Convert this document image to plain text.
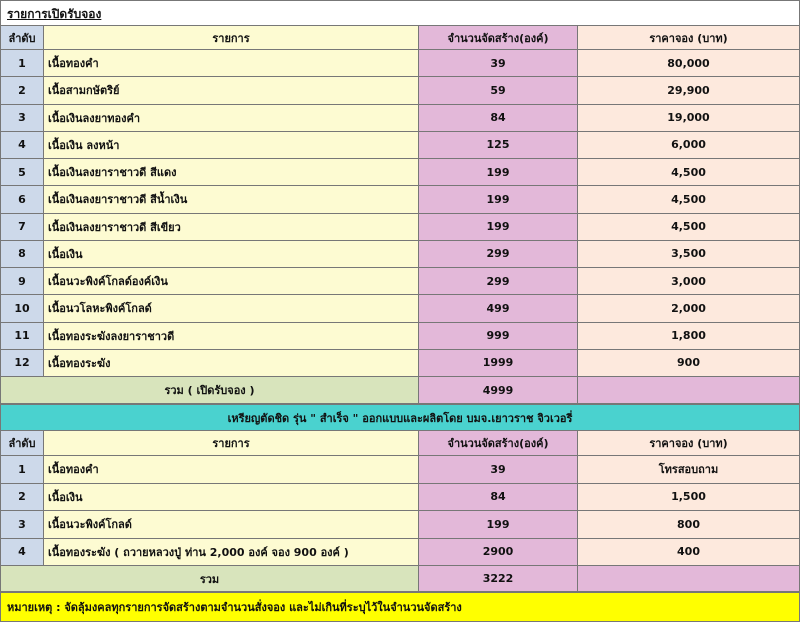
รายการเปิดรับจอง
ลำดับ	รายการ	จำนวนจัดสร้าง(องค์)	ราคาจอง (บาท)
1	เนื้อทองคำ	39	80,000
2	เนื้อสามกษัตริย์	59	29,900
3	เนื้อเงินลงยาทองคำ	84	19,000
4	เนื้อเงิน ลงหน้า	125	6,000
5	เนื้อเงินลงยาราชาวดี สีแดง	199	4,500
6	เนื้อเงินลงยาราชาวดี สีน้ำเงิน	199	4,500
7	เนื้อเงินลงยาราชาวดี สีเขียว	199	4,500
8	เนื้อเงิน	299	3,500
9	เนื้อนวะพิงค์โกลด์องค์เงิน	299	3,000
10	เนื้อนวโลหะพิงค์โกลด์	499	2,000
11	เนื้อทองระฆังลงยาราชาวดี	999	1,800
12	เนื้อทองระฆัง	1999	900
รวม ( เปิดรับจอง )	4999
เหรียญตัดชิด รุ่น " สำเร็จ " ออกแบบและผลิตโดย บมจ.เยาวราช จิวเวอรี่
ลำดับ	รายการ	จำนวนจัดสร้าง(องค์)	ราคาจอง (บาท)
1	เนื้อทองคำ	39	โทรสอบถาม
2	เนื้อเงิน	84	1,500
3	เนื้อนวะพิงค์โกลด์	199	800
4	เนื้อทองระฆัง ( ถวายหลวงปู่ ท่าน 2,000 องค์ จอง 900 องค์ )	2900	400
รวม	3222
หมายเหตุ : จัดลุ้มงคลทุกรายการจัดสร้างตามจำนวนสั่งจอง และไม่เกินที่ระบุไว้ในจำนวนจัดสร้าง
